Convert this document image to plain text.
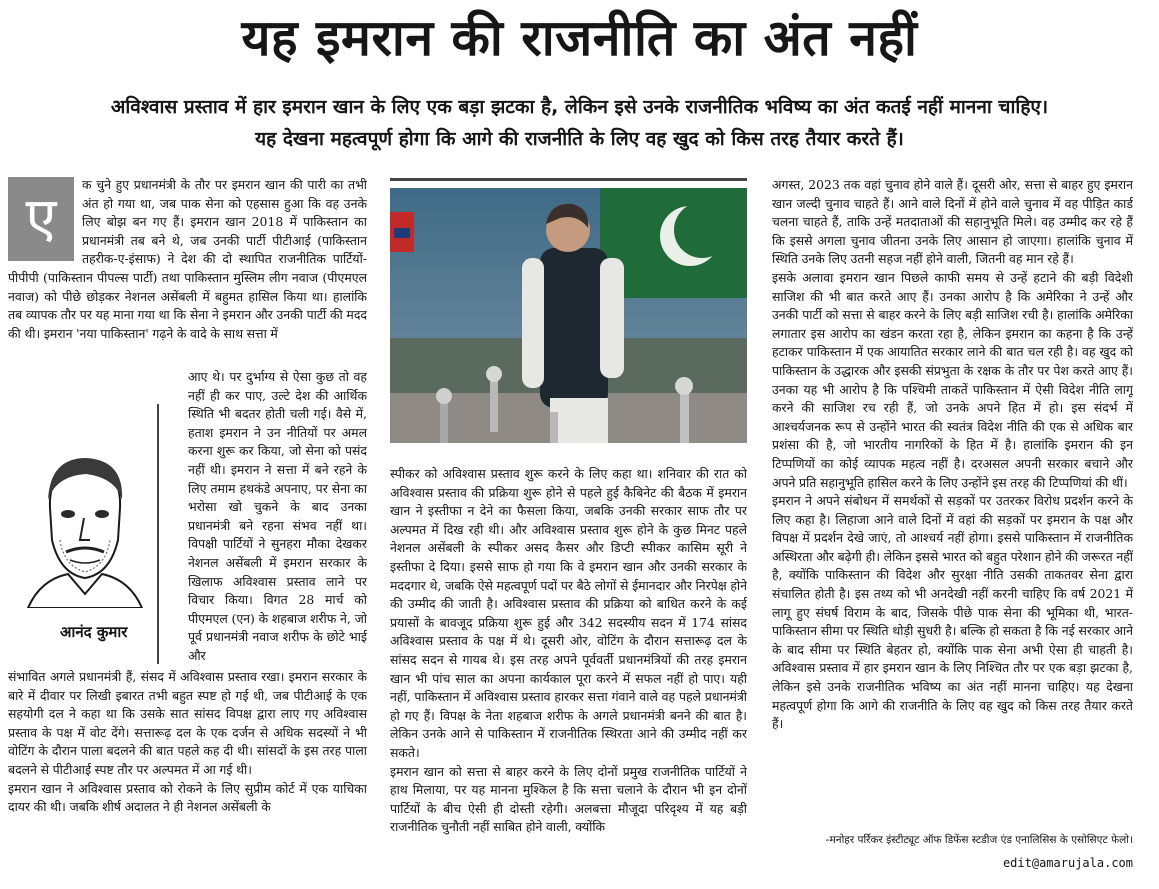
यह इमरान की राजनीति का अंत नहीं

अविश्वास प्रस्ताव में हार इमरान खान के लिए एक बड़ा झटका है, लेकिन इसे उनके राजनीतिक भविष्य का अंत कतई नहीं मानना चाहिए।

यह देखना महत्वपूर्ण होगा कि आगे की राजनीति के लिए वह खुद को किस तरह तैयार करते हैं।

ए

क चुने हुए प्रधानमंत्री के तौर पर इमरान खान की पारी का तभी अंत हो गया था, जब पाक सेना को एहसास हुआ कि वह उनके लिए बोझ बन गए हैं। इमरान खान 2018 में पाकिस्तान का प्रधानमंत्री तब बने थे, जब उनकी पार्टी पीटीआई (पाकिस्तान तहरीक-ए-इंसाफ) ने देश की दो स्थापित राजनीतिक पार्टियों-पीपीपी (पाकिस्तान पीपल्स पार्टी) तथा पाकिस्तान मुस्लिम लीग नवाज (पीएमएल नवाज) को पीछे छोड़कर नेशनल असेंबली में बहुमत हासिल किया था। हालांकि तब व्यापक तौर पर यह माना गया था कि सेना ने इमरान और उनकी पार्टी की मदद की थी। इमरान 'नया पाकिस्तान' गढ़ने के वादे के साथ सत्ता में

आनंद कुमार

आए थे। पर दुर्भाग्य से ऐसा कुछ तो वह नहीं ही कर पाए, उल्टे देश की आर्थिक स्थिति भी बदतर होती चली गई। वैसे में, हताश इमरान ने उन नीतियों पर अमल करना शुरू कर किया, जो सेना को पसंद नहीं थी। इमरान ने सत्ता में बने रहने के लिए तमाम हथकंडे अपनाए, पर सेना का भरोसा खो चुकने के बाद उनका प्रधानमंत्री बने रहना संभव नहीं था। विपक्षी पार्टियों ने सुनहरा मौका देखकर नेशनल असेंबली में इमरान सरकार के खिलाफ अविश्वास प्रस्ताव लाने पर विचार किया। विगत 28 मार्च को पीएमएल (एन) के शहबाज शरीफ ने, जो पूर्व प्रधानमंत्री नवाज शरीफ के छोटे भाई और

संभावित अगले प्रधानमंत्री हैं, संसद में अविश्वास प्रस्ताव रखा। इमरान सरकार के बारे में दीवार पर लिखी इबारत तभी बहुत स्पष्ट हो गई थी, जब पीटीआई के एक सहयोगी दल ने कहा था कि उसके सात सांसद विपक्ष द्वारा लाए गए अविश्वास प्रस्ताव के पक्ष में वोट देंगे। सत्तारूढ़ दल के एक दर्जन से अधिक सदस्यों ने भी वोटिंग के दौरान पाला बदलने की बात पहले कह दी थी। सांसदों के इस तरह पाला बदलने से पीटीआई स्पष्ट तौर पर अल्पमत में आ गई थी।

इमरान खान ने अविश्वास प्रस्ताव को रोकने के लिए सुप्रीम कोर्ट में एक याचिका दायर की थी। जबकि शीर्ष अदालत ने ही नेशनल असेंबली के

स्पीकर को अविश्वास प्रस्ताव शुरू करने के लिए कहा था। शनिवार की रात को अविश्वास प्रस्ताव की प्रक्रिया शुरू होने से पहले हुई कैबिनेट की बैठक में इमरान खान ने इस्तीफा न देने का फैसला किया, जबकि उनकी सरकार साफ तौर पर अल्पमत में दिख रही थी। और अविश्वास प्रस्ताव शुरू होने के कुछ मिनट पहले नेशनल असेंबली के स्पीकर असद कैसर और डिप्टी स्पीकर कासिम सूरी ने इस्तीफा दे दिया। इससे साफ हो गया कि वे इमरान खान और उनकी सरकार के मददगार थे, जबकि ऐसे महत्वपूर्ण पदों पर बैठे लोगों से ईमानदार और निरपेक्ष होने की उम्मीद की जाती है। अविश्वास प्रस्ताव की प्रक्रिया को बाधित करने के कई प्रयासों के बावजूद प्रक्रिया शुरू हुई और 342 सदस्यीय सदन में 174 सांसद अविश्वास प्रस्ताव के पक्ष में थे। दूसरी ओर, वोटिंग के दौरान सत्तारूढ़ दल के सांसद सदन से गायब थे। इस तरह अपने पूर्ववर्ती प्रधानमंत्रियों की तरह इमरान खान भी पांच साल का अपना कार्यकाल पूरा करने में सफल नहीं हो पाए। यही नहीं, पाकिस्तान में अविश्वास प्रस्ताव हारकर सत्ता गंवाने वाले वह पहले प्रधानमंत्री हो गए हैं। विपक्ष के नेता शहबाज शरीफ के अगले प्रधानमंत्री बनने की बात है। लेकिन उनके आने से पाकिस्तान में राजनीतिक स्थिरता आने की उम्मीद नहीं कर सकते।

इमरान खान को सत्ता से बाहर करने के लिए दोनों प्रमुख राजनीतिक पार्टियों ने हाथ मिलाया, पर यह मानना मुश्किल है कि सत्ता चलाने के दौरान भी इन दोनों पार्टियों के बीच ऐसी ही दोस्ती रहेगी। अलबत्ता मौजूदा परिदृश्य में यह बड़ी राजनीतिक चुनौती नहीं साबित होने वाली, क्योंकि

अगस्त, 2023 तक वहां चुनाव होने वाले हैं। दूसरी ओर, सत्ता से बाहर हुए इमरान खान जल्दी चुनाव चाहते हैं। आने वाले दिनों में होने वाले चुनाव में वह पीड़ित कार्ड चलना चाहते हैं, ताकि उन्हें मतदाताओं की सहानुभूति मिले। वह उम्मीद कर रहे हैं कि इससे अगला चुनाव जीतना उनके लिए आसान हो जाएगा। हालांकि चुनाव में स्थिति उनके लिए उतनी सहज नहीं होने वाली, जितनी वह मान रहे हैं।

इसके अलावा इमरान खान पिछले काफी समय से उन्हें हटाने की बड़ी विदेशी साजिश की भी बात करते आए हैं। उनका आरोप है कि अमेरिका ने उन्हें और उनकी पार्टी को सत्ता से बाहर करने के लिए बड़ी साजिश रची है। हालांकि अमेरिका लगातार इस आरोप का खंडन करता रहा है, लेकिन इमरान का कहना है कि उन्हें हटाकर पाकिस्तान में एक आयातित सरकार लाने की बात चल रही है। वह खुद को पाकिस्तान के उद्धारक और इसकी संप्रभुता के रक्षक के तौर पर पेश करते आए हैं। उनका यह भी आरोप है कि पश्चिमी ताकतें पाकिस्तान में ऐसी विदेश नीति लागू करने की साजिश रच रही हैं, जो उनके अपने हित में हो। इस संदर्भ में आश्चर्यजनक रूप से उन्होंने भारत की स्वतंत्र विदेश नीति की एक से अधिक बार प्रशंसा की है, जो भारतीय नागरिकों के हित में है। हालांकि इमरान की इन टिप्पणियों का कोई व्यापक महत्व नहीं है। दरअसल अपनी सरकार बचाने और अपने प्रति सहानुभूति हासिल करने के लिए उन्होंने इस तरह की टिप्पणियां की थीं।

इमरान ने अपने संबोधन में समर्थकों से सड़कों पर उतरकर विरोध प्रदर्शन करने के लिए कहा है। लिहाजा आने वाले दिनों में वहां की सड़कों पर इमरान के पक्ष और विपक्ष में प्रदर्शन देखे जाएं, तो आश्चर्य नहीं होगा। इससे पाकिस्तान में राजनीतिक अस्थिरता और बढ़ेगी ही। लेकिन इससे भारत को बहुत परेशान होने की जरूरत नहीं है, क्योंकि पाकिस्तान की विदेश और सुरक्षा नीति उसकी ताकतवर सेना द्वारा संचालित होती है। इस तथ्य को भी अनदेखी नहीं करनी चाहिए कि वर्ष 2021 में लागू हुए संघर्ष विराम के बाद, जिसके पीछे पाक सेना की भूमिका थी, भारत-पाकिस्तान सीमा पर स्थिति थोड़ी सुधरी है। बल्कि हो सकता है कि नई सरकार आने के बाद सीमा पर स्थिति बेहतर हो, क्योंकि पाक सेना अभी ऐसा ही चाहती है। अविश्वास प्रस्ताव में हार इमरान खान के लिए निश्चित तौर पर एक बड़ा झटका है, लेकिन इसे उनके राजनीतिक भविष्य का अंत नहीं मानना चाहिए। यह देखना महत्वपूर्ण होगा कि आगे की राजनीति के लिए वह खुद को किस तरह तैयार करते हैं।

-मनोहर पर्रिकर इंस्टीट्यूट ऑफ डिफेंस स्टडीज एंड एनालिसिस के एसोसिएट फेलो।
edit@amarujala.com
